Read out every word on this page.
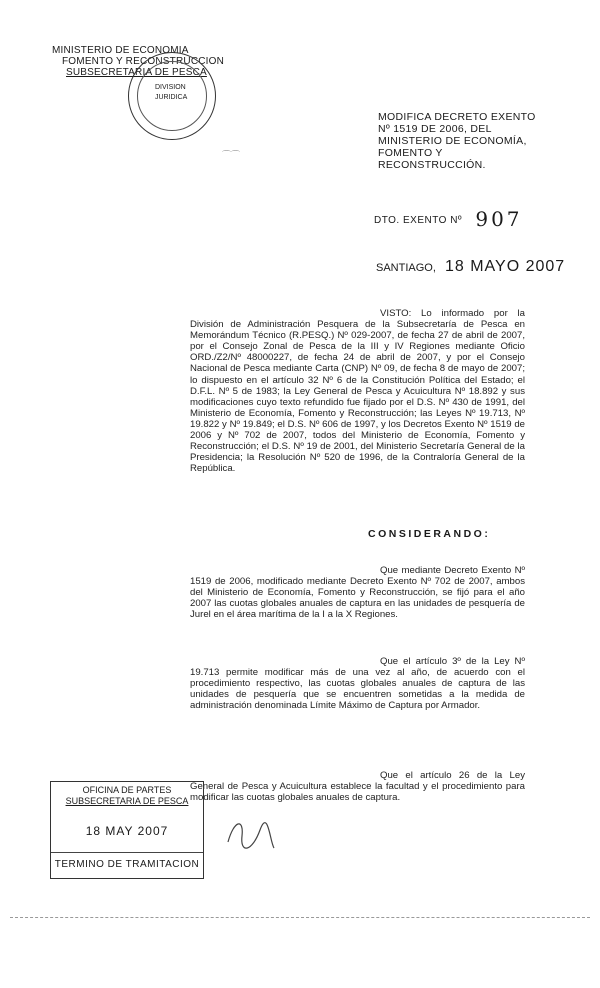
MINISTERIO DE ECONOMIA
FOMENTO Y RECONSTRUCCION
SUBSECRETARIA DE PESCA
DIVISION
JURIDICA
⌒⌒
MODIFICA DECRETO EXENTO
Nº 1519 DE 2006, DEL
MINISTERIO DE ECONOMÍA,
FOMENTO Y
RECONSTRUCCIÓN.
DTO. EXENTO Nº 907
SANTIAGO, 18 MAYO 2007
VISTO: Lo informado por la División de Administración Pesquera de la Subsecretaría de Pesca en Memorándum Técnico (R.PESQ.) Nº 029-2007, de fecha 27 de abril de 2007, por el Consejo Zonal de Pesca de la III y IV Regiones mediante Oficio ORD./Z2/Nº 48000227, de fecha 24 de abril de 2007, y por el Consejo Nacional de Pesca mediante Carta (CNP) Nº 09, de fecha 8 de mayo de 2007; lo dispuesto en el artículo 32 Nº 6 de la Constitución Política del Estado; el D.F.L. Nº 5 de 1983; la Ley General de Pesca y Acuicultura Nº 18.892 y sus modificaciones cuyo texto refundido fue fijado por el D.S. Nº 430 de 1991, del Ministerio de Economía, Fomento y Reconstrucción; las Leyes Nº 19.713, Nº 19.822 y Nº 19.849; el D.S. Nº 606 de 1997, y los Decretos Exento Nº 1519 de 2006 y Nº 702 de 2007, todos del Ministerio de Economía, Fomento y Reconstrucción; el D.S. Nº 19 de 2001, del Ministerio Secretaría General de la Presidencia; la Resolución Nº 520 de 1996, de la Contraloría General de la República.
CONSIDERANDO:
Que mediante Decreto Exento Nº 1519 de 2006, modificado mediante Decreto Exento Nº 702 de 2007, ambos del Ministerio de Economía, Fomento y Reconstrucción, se fijó para el año 2007 las cuotas globales anuales de captura en las unidades de pesquería de Jurel en el área marítima de la I a la X Regiones.
Que el artículo 3º de la Ley Nº 19.713 permite modificar más de una vez al año, de acuerdo con el procedimiento respectivo, las cuotas globales anuales de captura de las unidades de pesquería que se encuentren sometidas a la medida de administración denominada Límite Máximo de Captura por Armador.
Que el artículo 26 de la Ley General de Pesca y Acuicultura establece la facultad y el procedimiento para modificar las cuotas globales anuales de captura.
OFICINA DE PARTES
SUBSECRETARIA DE PESCA
18 MAY 2007
TERMINO DE TRAMITACION
